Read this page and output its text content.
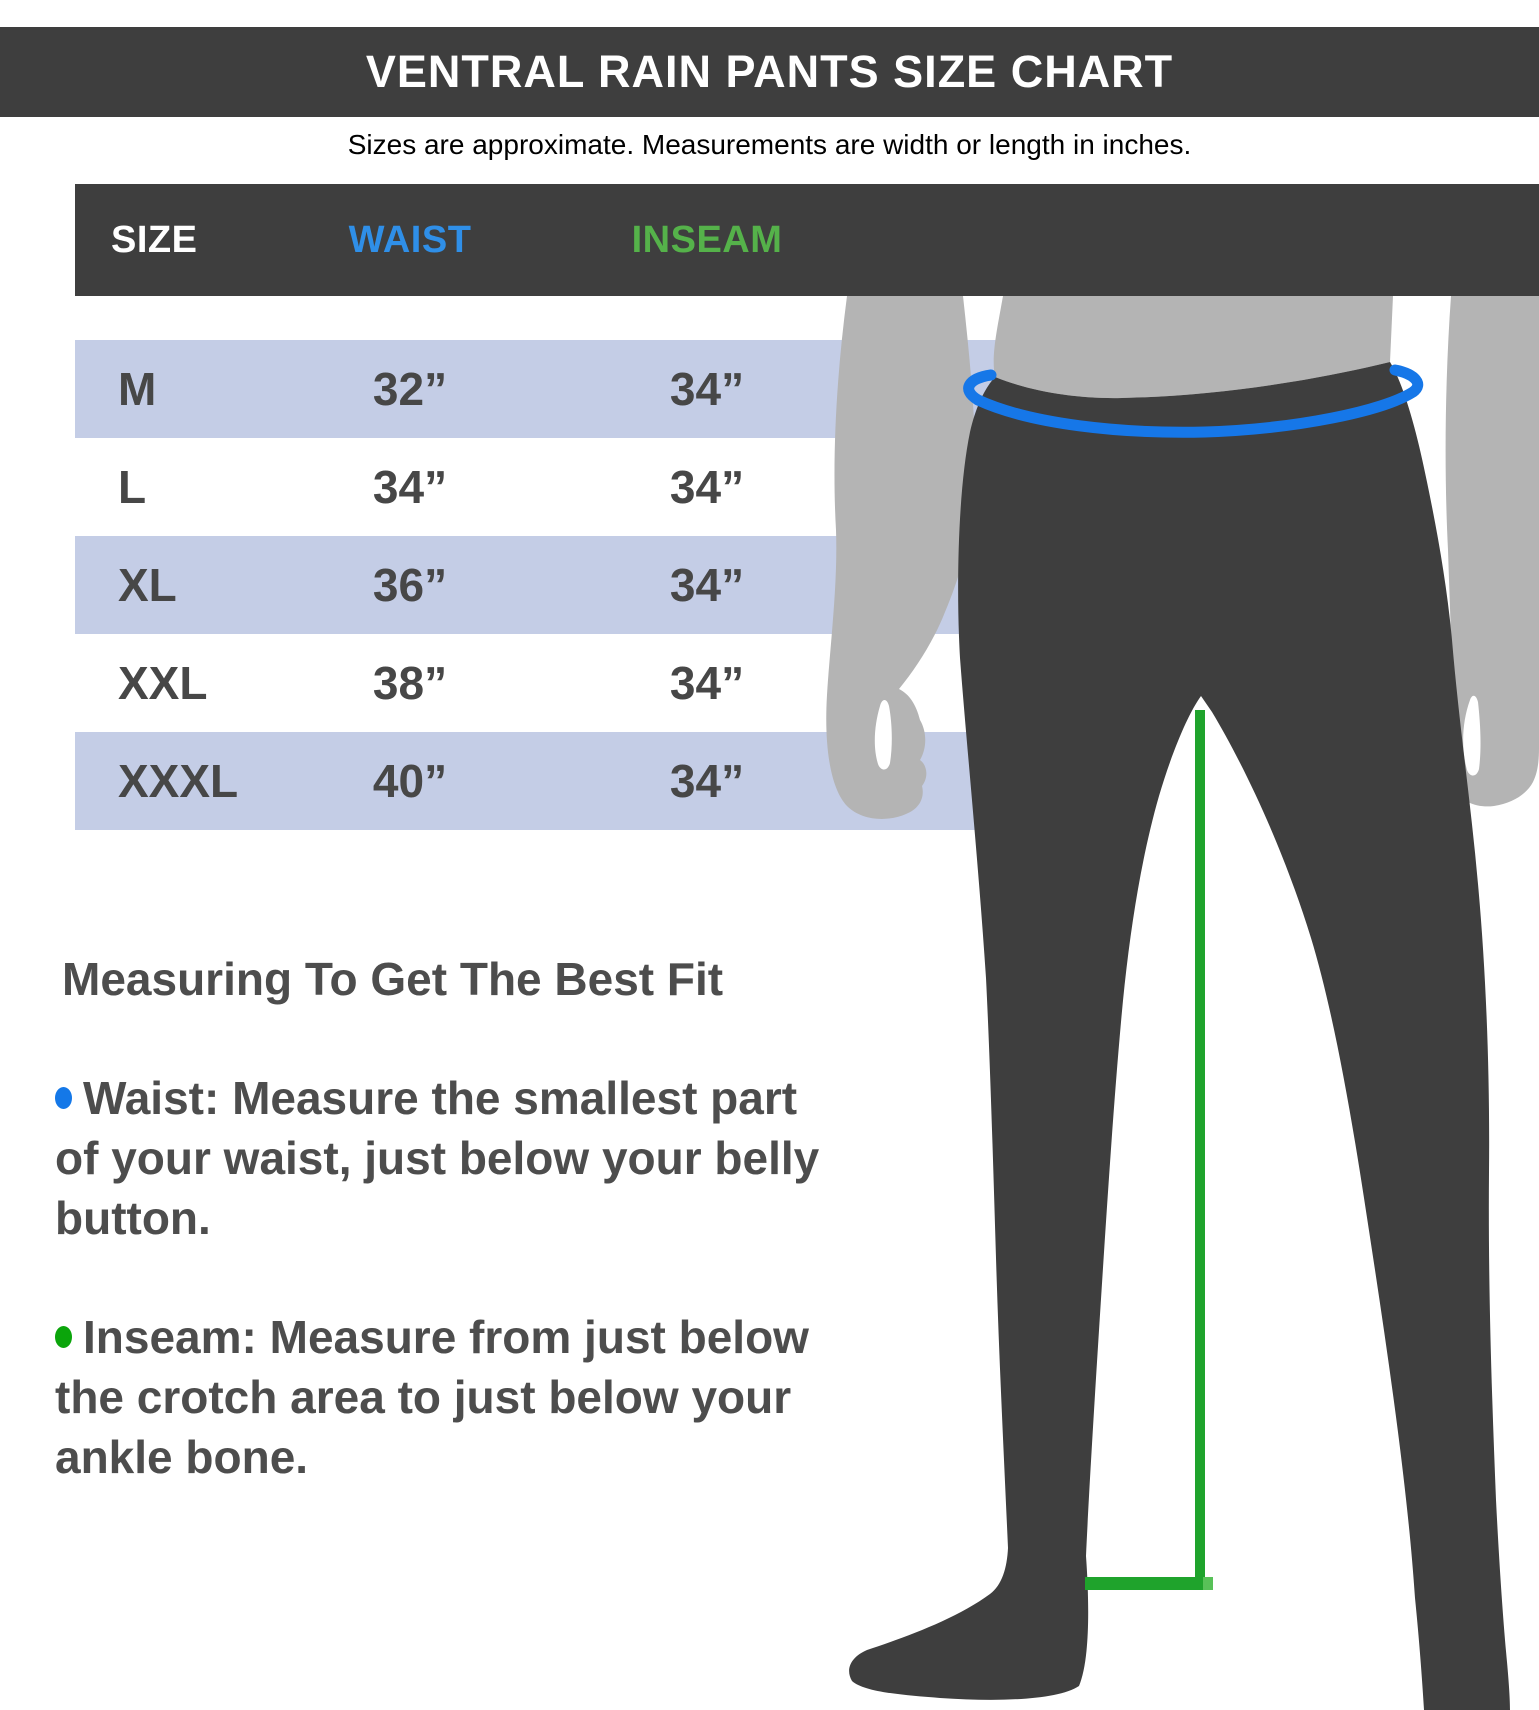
VENTRAL RAIN PANTS SIZE CHART

Sizes are approximate. Measurements are width or length in inches.

SIZE	WAIST	INSEAM
M	32”	34”
L	34”	34”
XL	36”	34”
XXL	38”	34”
XXXL	40”	34”
Measuring To Get The Best Fit

Waist: Measure the smallest part
of your waist, just below your belly
button.

Inseam: Measure from just below
the crotch area to just below your
ankle bone.
